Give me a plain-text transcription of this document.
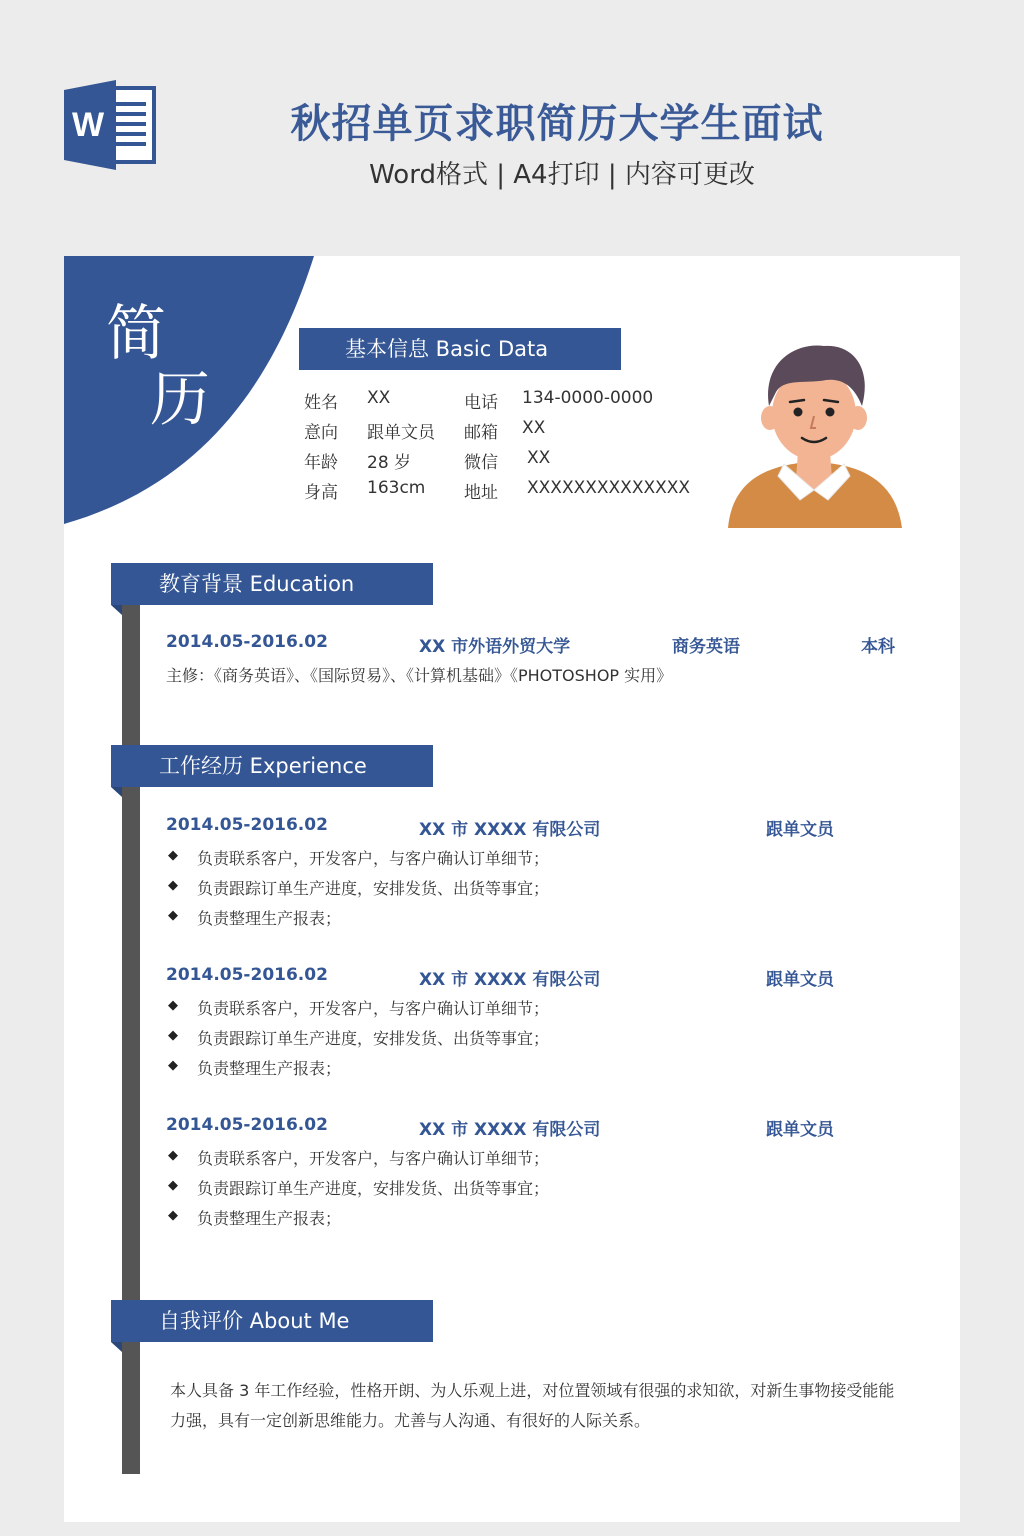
W	秋招单页求职简历大学生面试
Word格式 | A4打印 | 内容可更改
简
历
基本信息 Basic Data
姓名 XX	电话 134-0000-0000
意向 跟单文员 邮箱 XX
年龄 28 岁	微信 XX
身高 163cm 地址 XXXXXXXXXXXXXX
教育背景 Education
2014.05-2016.02	XX 市外语外贸大学	商务英语	本科
主修：《商务英语》、《国际贸易》、《计算机基础》《PHOTOSHOP 实用》
工作经历 Experience
2014.05-2016.02	XX 市 XXXX 有限公司	跟单文员
◆ 负责联系客户，开发客户，与客户确认订单细节；
◆ 负责跟踪订单生产进度，安排发货、出货等事宜；
◆ 负责整理生产报表；
2014.05-2016.02	XX 市 XXXX 有限公司	跟单文员
◆ 负责联系客户，开发客户，与客户确认订单细节；
◆ 负责跟踪订单生产进度，安排发货、出货等事宜；
◆ 负责整理生产报表；
2014.05-2016.02	XX 市 XXXX 有限公司	跟单文员
◆ 负责联系客户，开发客户，与客户确认订单细节；
◆ 负责跟踪订单生产进度，安排发货、出货等事宜；
◆ 负责整理生产报表；
自我评价 About Me
本人具备 3 年工作经验，性格开朗、为人乐观上进，对位置领域有很强的求知欲，对新生事物接受能能力强，具有一定创新思维能力。尤善与人沟通、有很好的人际关系。
